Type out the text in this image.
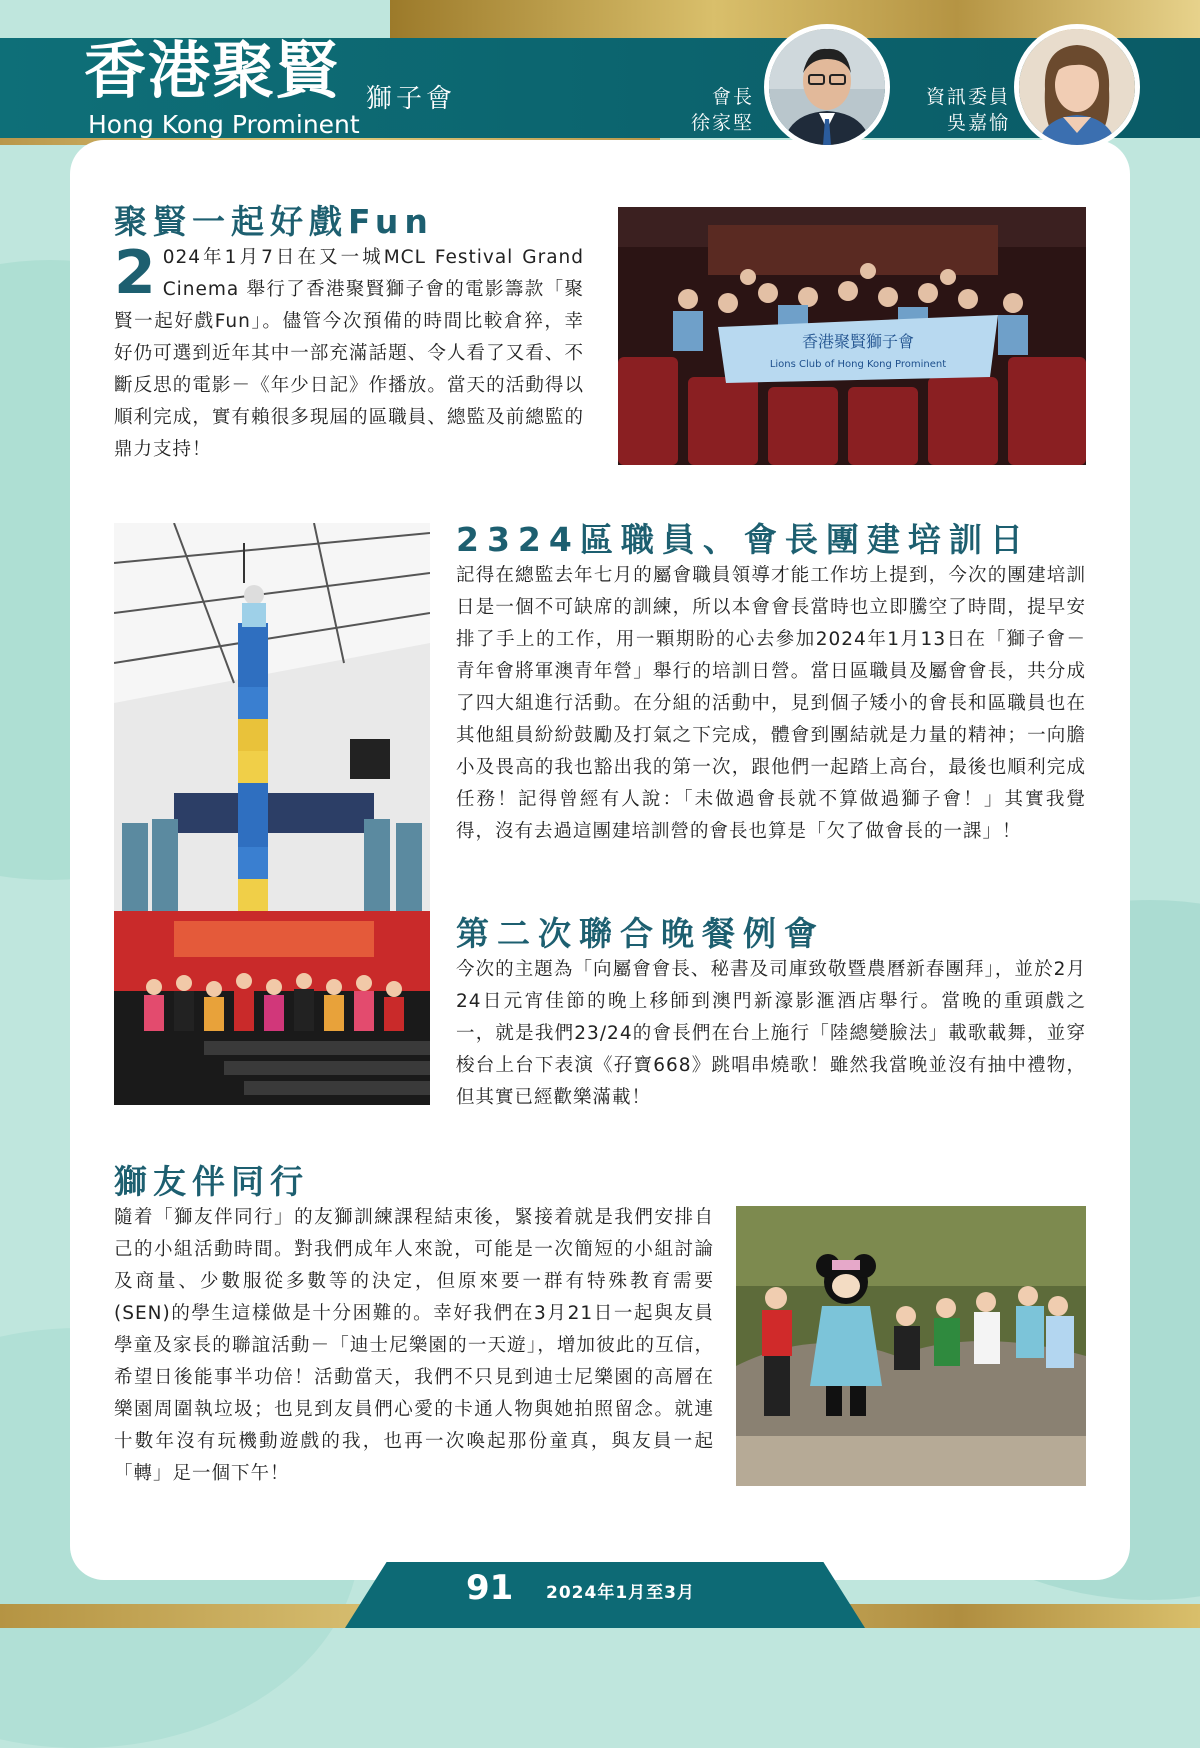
香港聚賢 獅子會
Hong Kong Prominent
會長
徐家堅
資訊委員
吳嘉愉
聚賢一起好戲Fun
2 024年1月7日在又一城MCL Festival Grand Cinema 舉行了香港聚賢獅子會的電影籌款「聚賢一起好戲Fun」。儘管今次預備的時間比較倉猝，幸好仍可選到近年其中一部充滿話題、令人看了又看、不斷反思的電影－《年少日記》作播放。當天的活動得以順利完成，實有賴很多現屆的區職員、總監及前總監的鼎力支持！
香港聚賢獅子會
Lions Club of Hong Kong Prominent
2324區職員、會長團建培訓日

記得在總監去年七月的屬會職員領導才能工作坊上提到，今次的團建培訓日是一個不可缺席的訓練，所以本會會長當時也立即騰空了時間，提早安排了手上的工作，用一顆期盼的心去參加2024年1月13日在「獅子會－青年會將軍澳青年營」舉行的培訓日營。當日區職員及屬會會長，共分成了四大組進行活動。在分組的活動中，見到個子矮小的會長和區職員也在其他組員紛紛鼓勵及打氣之下完成，體會到團結就是力量的精神；一向膽小及畏高的我也豁出我的第一次，跟他們一起踏上高台，最後也順利完成任務！記得曾經有人說：「未做過會長就不算做過獅子會！」其實我覺得，沒有去過這團建培訓營的會長也算是「欠了做會長的一課」！

第二次聯合晚餐例會

今次的主題為「向屬會會長、秘書及司庫致敬暨農曆新春團拜」，並於2月24日元宵佳節的晚上移師到澳門新濠影滙酒店舉行。當晚的重頭戲之一，就是我們23/24的會長們在台上施行「陸總變臉法」載歌載舞，並穿梭台上台下表演《孖寶668》跳唱串燒歌！雖然我當晚並沒有抽中禮物，但其實已經歡樂滿載！

獅友伴同行

隨着「獅友伴同行」的友獅訓練課程結束後，緊接着就是我們安排自己的小組活動時間。對我們成年人來說，可能是一次簡短的小組討論及商量、少數服從多數等的決定，但原來要一群有特殊教育需要(SEN)的學生這樣做是十分困難的。幸好我們在3月21日一起與友員學童及家長的聯誼活動－「迪士尼樂園的一天遊」，增加彼此的互信，希望日後能事半功倍！活動當天，我們不只見到迪士尼樂園的高層在樂園周圍執垃圾；也見到友員們心愛的卡通人物與她拍照留念。就連十數年沒有玩機動遊戲的我，也再一次喚起那份童真，與友員一起「轉」足一個下午！

91 2024年1月至3月
